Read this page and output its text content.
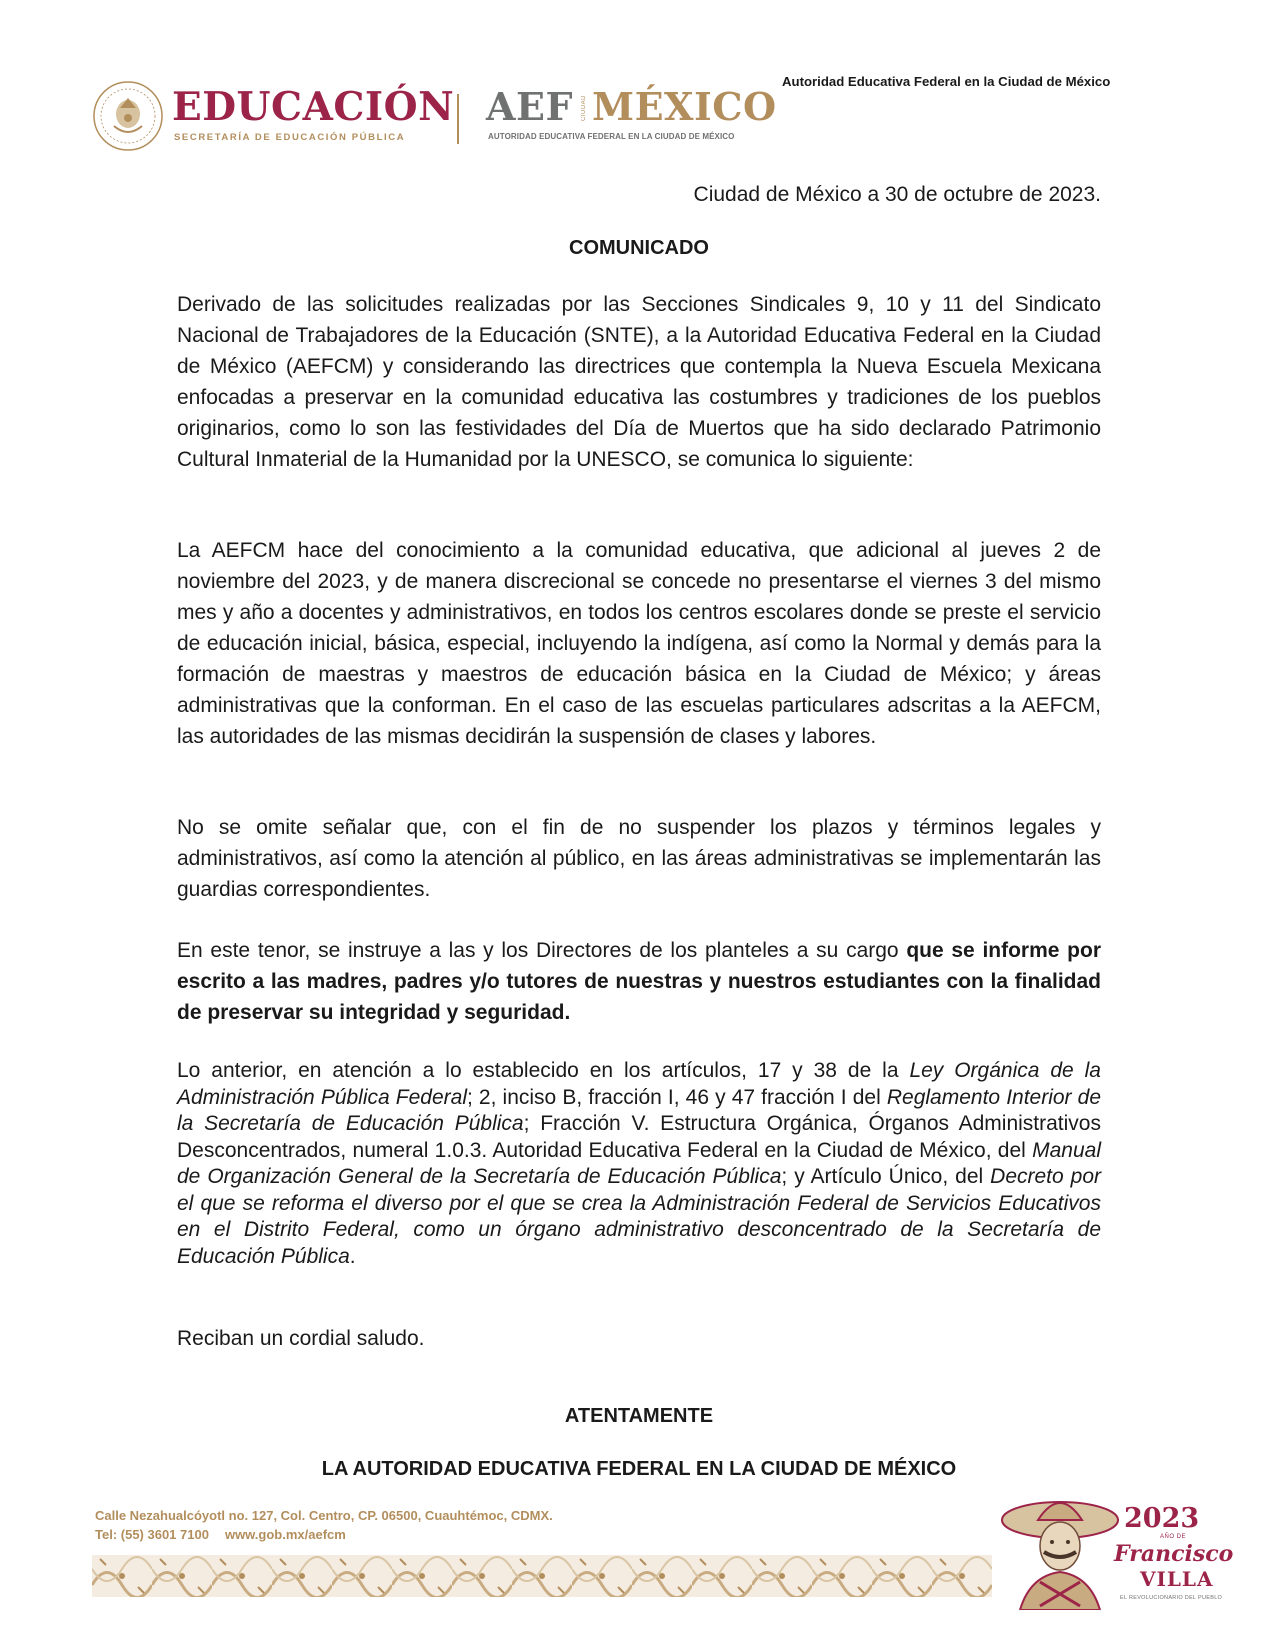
EDUCACIÓN
SECRETARÍA DE EDUCACIÓN PÚBLICA
AEF CIUDAD MÉXICO
AUTORIDAD EDUCATIVA FEDERAL EN LA CIUDAD DE MÉXICO
Autoridad Educativa Federal en la Ciudad de México
Ciudad de México a 30 de octubre de 2023.
COMUNICADO

Derivado de las solicitudes realizadas por las Secciones Sindicales 9, 10 y 11 del Sindicato Nacional de Trabajadores de la Educación (SNTE), a la Autoridad Educativa Federal en la Ciudad de México (AEFCM) y considerando las directrices que contempla la Nueva Escuela Mexicana enfocadas a preservar en la comunidad educativa las costumbres y tradiciones de los pueblos originarios, como lo son las festividades del Día de Muertos que ha sido declarado Patrimonio Cultural Inmaterial de la Humanidad por la UNESCO, se comunica lo siguiente:

La AEFCM hace del conocimiento a la comunidad educativa, que adicional al jueves 2 de noviembre del 2023, y de manera discrecional se concede no presentarse el viernes 3 del mismo mes y año a docentes y administrativos, en todos los centros escolares donde se preste el servicio de educación inicial, básica, especial, incluyendo la indígena, así como la Normal y demás para la formación de maestras y maestros de educación básica en la Ciudad de México; y áreas administrativas que la conforman. En el caso de las escuelas particulares adscritas a la AEFCM, las autoridades de las mismas decidirán la suspensión de clases y labores.

No se omite señalar que, con el fin de no suspender los plazos y términos legales y administrativos, así como la atención al público, en las áreas administrativas se implementarán las guardias correspondientes.

En este tenor, se instruye a las y los Directores de los planteles a su cargo que se informe por escrito a las madres, padres y/o tutores de nuestras y nuestros estudiantes con la finalidad de preservar su integridad y seguridad.

Lo anterior, en atención a lo establecido en los artículos, 17 y 38 de la Ley Orgánica de la Administración Pública Federal; 2, inciso B, fracción I, 46 y 47 fracción I del Reglamento Interior de la Secretaría de Educación Pública; Fracción V. Estructura Orgánica, Órganos Administrativos Desconcentrados, numeral 1.0.3. Autoridad Educativa Federal en la Ciudad de México, del Manual de Organización General de la Secretaría de Educación Pública; y Artículo Único, del Decreto por el que se reforma el diverso por el que se crea la Administración Federal de Servicios Educativos en el Distrito Federal, como un órgano administrativo desconcentrado de la Secretaría de Educación Pública.

Reciban un cordial saludo.

ATENTAMENTE
LA AUTORIDAD EDUCATIVA FEDERAL EN LA CIUDAD DE MÉXICO
Calle Nezahualcóyotl no. 127, Col. Centro, CP. 06500, Cuauhtémoc, CDMX.
Tel: (55) 3601 7100 www.gob.mx/aefcm
2023
AÑO DE
Francisco
VILLA
EL REVOLUCIONARIO DEL PUEBLO
